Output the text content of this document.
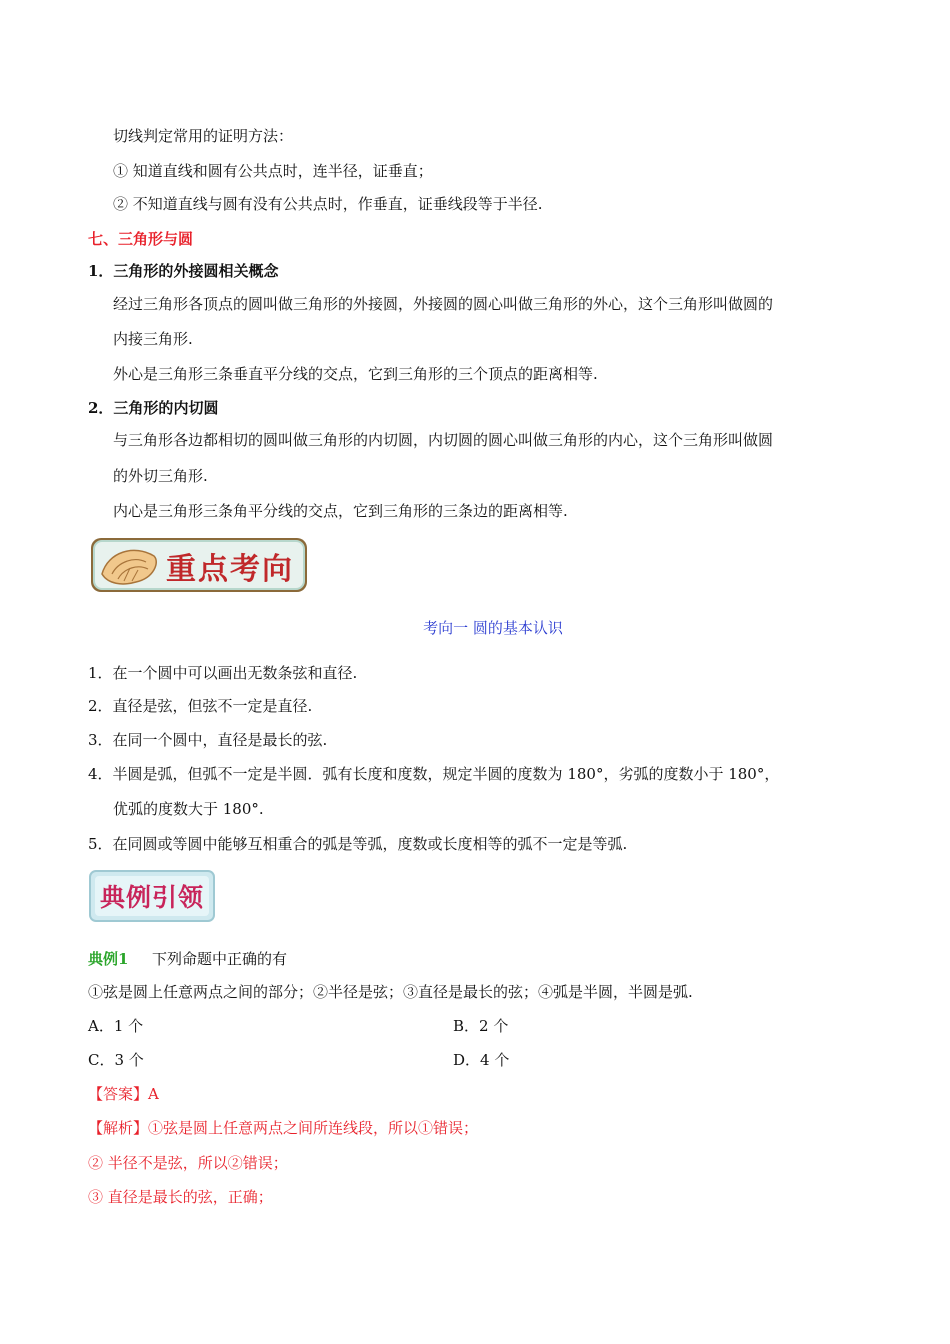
切线判定常用的证明方法：
① 知道直线和圆有公共点时，连半径，证垂直；
② 不知道直线与圆有没有公共点时，作垂直，证垂线段等于半径.
七、三角形与圆
1．三角形的外接圆相关概念
经过三角形各顶点的圆叫做三角形的外接圆，外接圆的圆心叫做三角形的外心，这个三角形叫做圆的
内接三角形.
外心是三角形三条垂直平分线的交点，它到三角形的三个顶点的距离相等.
2．三角形的内切圆
与三角形各边都相切的圆叫做三角形的内切圆，内切圆的圆心叫做三角形的内心，这个三角形叫做圆
的外切三角形.
内心是三角形三条角平分线的交点，它到三角形的三条边的距离相等.
重点考向
考向一 圆的基本认识
1．在一个圆中可以画出无数条弦和直径.
2．直径是弦，但弦不一定是直径.
3．在同一个圆中，直径是最长的弦.
4．半圆是弧，但弧不一定是半圆．弧有长度和度数，规定半圆的度数为 180°，劣弧的度数小于 180°，
优弧的度数大于 180°.
5．在同圆或等圆中能够互相重合的弧是等弧，度数或长度相等的弧不一定是等弧.
典例引领
典例1 下列命题中正确的有
①弦是圆上任意两点之间的部分；②半径是弦；③直径是最长的弦；④弧是半圆，半圆是弧.
A．1 个	B．2 个
C．3 个	D．4 个
【答案】A
【解析】①弦是圆上任意两点之间所连线段，所以①错误；
② 半径不是弦，所以②错误；
③ 直径是最长的弦，正确；
